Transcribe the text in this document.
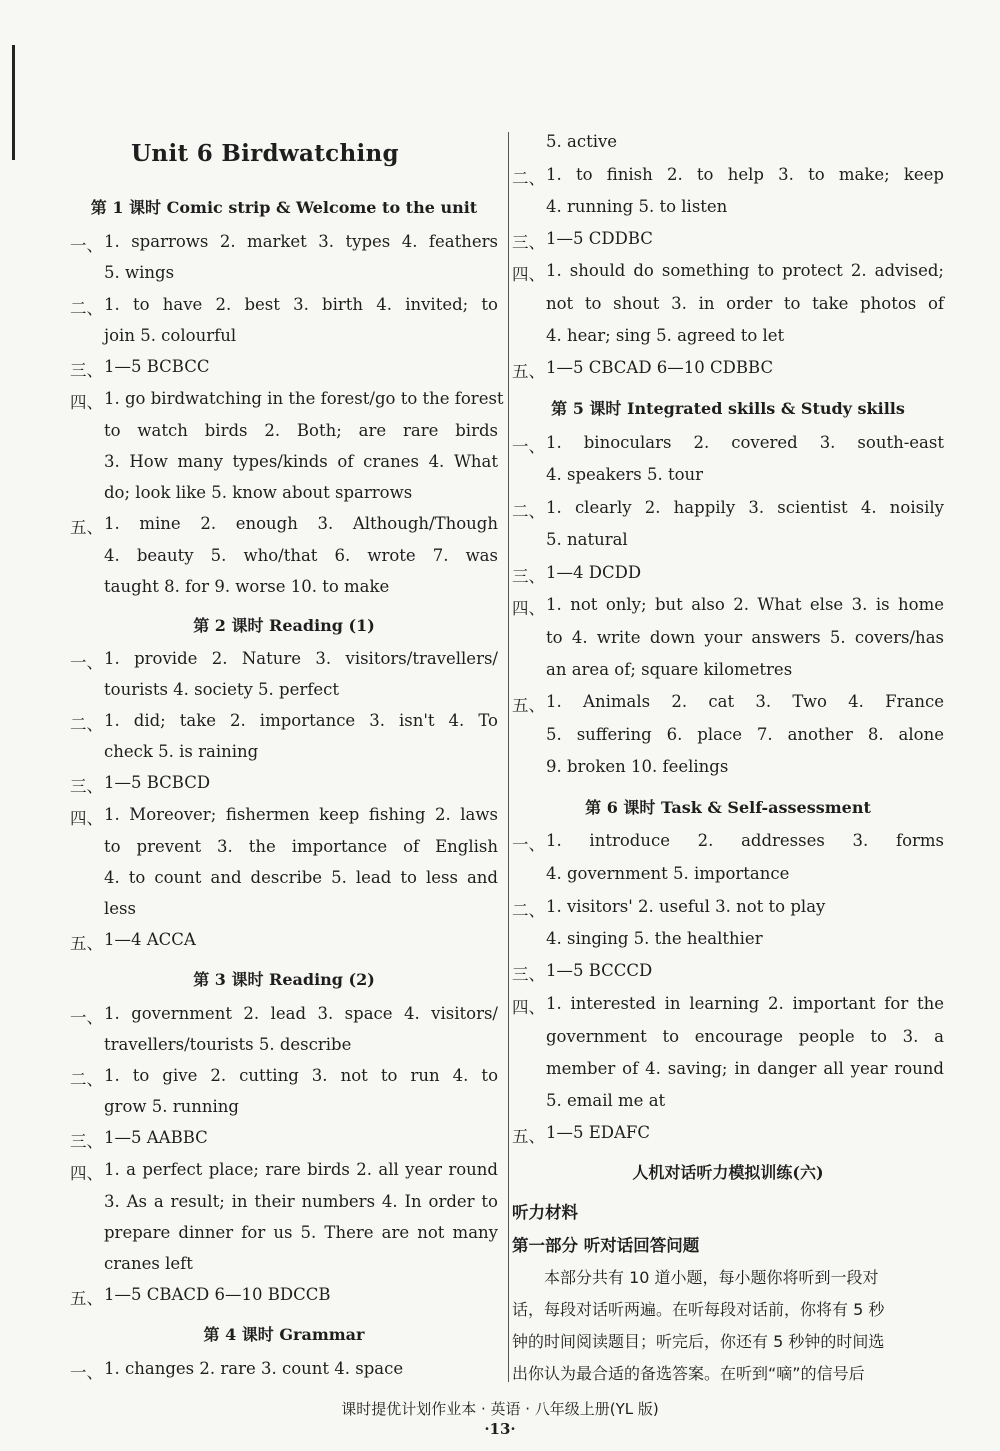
Unit 6 Birdwatching
第 1 课时 Comic strip & Welcome to the unit
一、 1. sparrows 2. market 3. types 4. feathers
5. wings
二、 1. to have 2. best 3. birth 4. invited; to
join 5. colourful
三、 1—5 BCBCC
四、 1. go birdwatching in the forest/go to the forest
to watch birds 2. Both; are rare birds
3. How many types/kinds of cranes 4. What
do; look like 5. know about sparrows
五、 1. mine 2. enough 3. Although/Though
4. beauty 5. who/that 6. wrote 7. was
taught 8. for 9. worse 10. to make
第 2 课时 Reading (1)
一、 1. provide 2. Nature 3. visitors/travellers/
tourists 4. society 5. perfect
二、 1. did; take 2. importance 3. isn't 4. To
check 5. is raining
三、 1—5 BCBCD
四、 1. Moreover; fishermen keep fishing 2. laws
to prevent 3. the importance of English
4. to count and describe 5. lead to less and
less
五、 1—4 ACCA
第 3 课时 Reading (2)
一、 1. government 2. lead 3. space 4. visitors/
travellers/tourists 5. describe
二、 1. to give 2. cutting 3. not to run 4. to
grow 5. running
三、 1—5 AABBC
四、 1. a perfect place; rare birds 2. all year round
3. As a result; in their numbers 4. In order to
prepare dinner for us 5. There are not many
cranes left
五、 1—5 CBACD 6—10 BDCCB
第 4 课时 Grammar
一、 1. changes 2. rare 3. count 4. space
5. active
二、 1. to finish 2. to help 3. to make; keep
4. running 5. to listen
三、 1—5 CDDBC
四、 1. should do something to protect 2. advised;
not to shout 3. in order to take photos of
4. hear; sing 5. agreed to let
五、 1—5 CBCAD 6—10 CDBBC
第 5 课时 Integrated skills & Study skills
一、 1. binoculars 2. covered 3. south-east
4. speakers 5. tour
二、 1. clearly 2. happily 3. scientist 4. noisily
5. natural
三、 1—4 DCDD
四、 1. not only; but also 2. What else 3. is home
to 4. write down your answers 5. covers/has
an area of; square kilometres
五、 1. Animals 2. cat 3. Two 4. France
5. suffering 6. place 7. another 8. alone
9. broken 10. feelings
第 6 课时 Task & Self-assessment
一、 1. introduce 2. addresses 3. forms
4. government 5. importance
二、 1. visitors' 2. useful 3. not to play
4. singing 5. the healthier
三、 1—5 BCCCD
四、 1. interested in learning 2. important for the
government to encourage people to 3. a
member of 4. saving; in danger all year round
5. email me at
五、 1—5 EDAFC
人机对话听力模拟训练(六)
听力材料
第一部分 听对话回答问题
本部分共有 10 道小题，每小题你将听到一段对
话，每段对话听两遍。在听每段对话前，你将有 5 秒
钟的时间阅读题目；听完后，你还有 5 秒钟的时间选
出你认为最合适的备选答案。在听到“嘀”的信号后
课时提优计划作业本 · 英语 · 八年级上册(YL 版)
·13·
